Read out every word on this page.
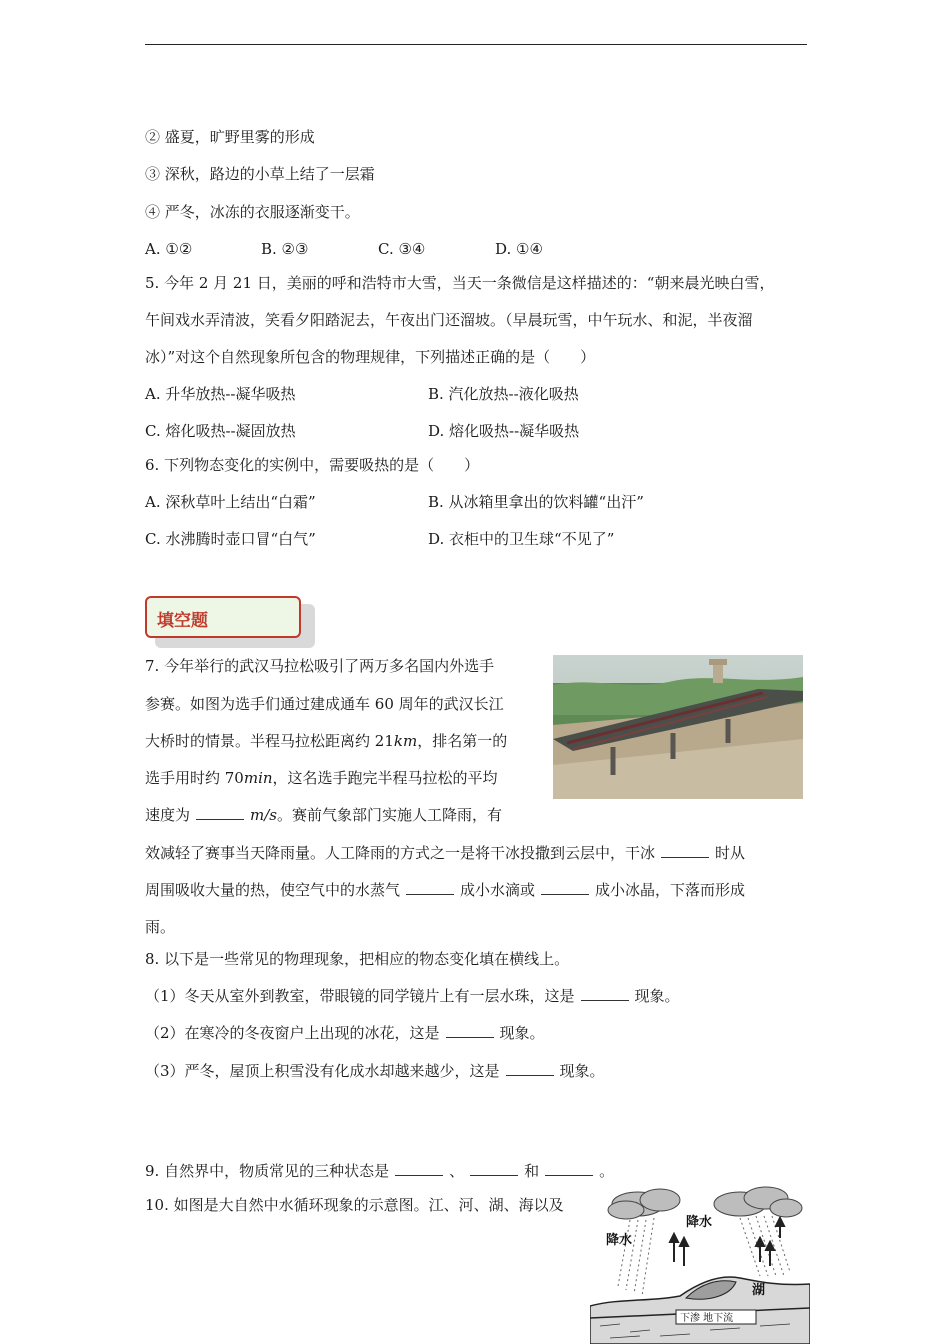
② 盛夏，旷野里雾的形成
③ 深秋，路边的小草上结了一层霜
④ 严冬，冰冻的衣服逐渐变干。
A. ①②	B. ②③	C. ③④	D. ①④
5. 今年 2 月 21 日，美丽的呼和浩特市大雪，当天一条微信是这样描述的：“朝来晨光映白雪，
午间戏水弄清波，笑看夕阳踏泥去，午夜出门还溜坡。（早晨玩雪，中午玩水、和泥，半夜溜
冰）”对这个自然现象所包含的物理规律，下列描述正确的是（　　）
A. 升华放热--凝华吸热	B. 汽化放热--液化吸热
C. 熔化吸热--凝固放热	D. 熔化吸热--凝华吸热
6. 下列物态变化的实例中，需要吸热的是（　　）
A. 深秋草叶上结出“白霜”	B. 从冰箱里拿出的饮料罐“出汗”
C. 水沸腾时壶口冒“白气”	D. 衣柜中的卫生球“不见了”
填空题
7. 今年举行的武汉马拉松吸引了两万多名国内外选手
参赛。如图为选手们通过建成通车 60 周年的武汉长江
大桥时的情景。半程马拉松距离约 21km，排名第一的
选手用时约 70min，这名选手跑完半程马拉松的平均
速度为	m/s。赛前气象部门实施人工降雨，有
效减轻了赛事当天降雨量。人工降雨的方式之一是将干冰投撒到云层中，干冰	时从
周围吸收大量的热，使空气中的水蒸气	成小水滴或	成小冰晶，下落而形成
雨。
8. 以下是一些常见的物理现象，把相应的物态变化填在横线上。
（1）冬天从室外到教室，带眼镜的同学镜片上有一层水珠，这是	现象。
（2）在寒冷的冬夜窗户上出现的冰花，这是	现象。
（3）严冬，屋顶上积雪没有化成水却越来越少，这是	现象。
9. 自然界中，物质常见的三种状态是	、	和	。
10. 如图是大自然中水循环现象的示意图。江、河、湖、海以及
降水
降水
湖
下渗 地下流
